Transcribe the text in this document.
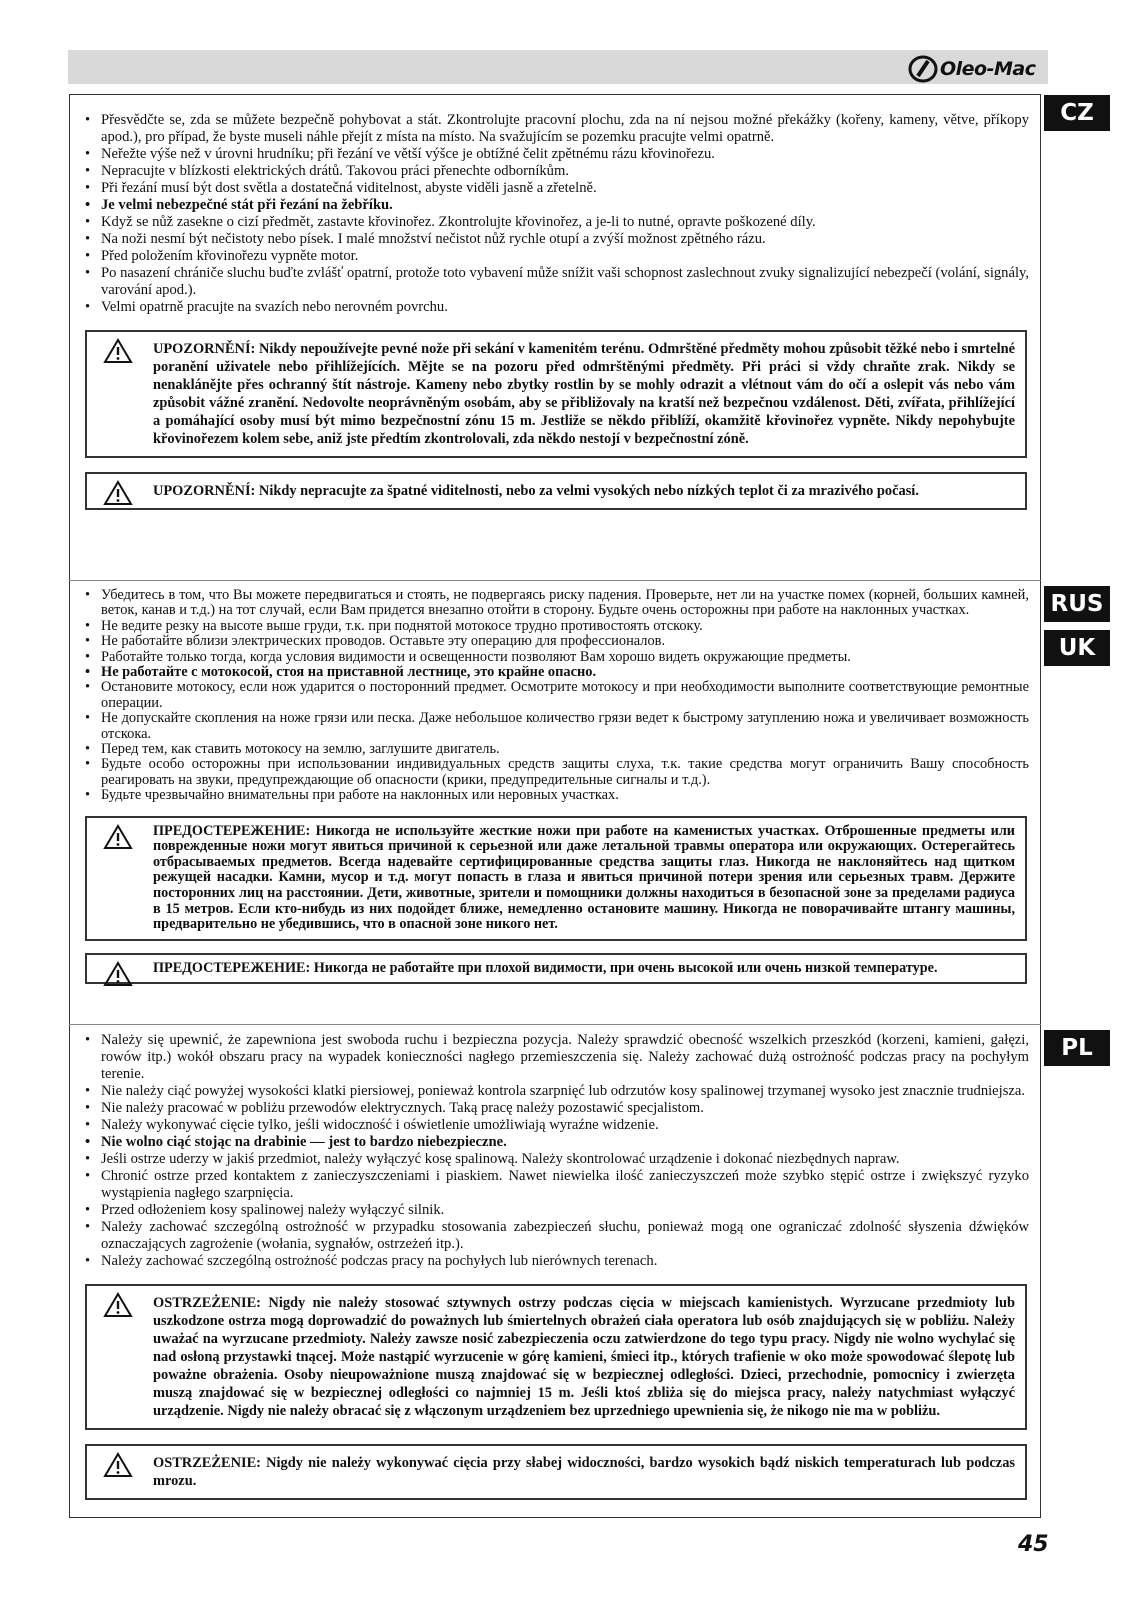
Oleo-Mac
CZ
RUS
UK
PL
• Přesvědčte se, zda se můžete bezpečně pohybovat a stát. Zkontrolujte pracovní plochu, zda na ní nejsou možné překážky (kořeny, kameny, větve, příkopy apod.), pro případ, že byste museli náhle přejít z místa na místo. Na svažujícím se pozemku pracujte velmi opatrně.
• Neřežte výše než v úrovni hrudníku; při řezání ve větší výšce je obtížné čelit zpětnému rázu křovinořezu.
• Nepracujte v blízkosti elektrických drátů. Takovou práci přenechte odborníkům.
• Při řezání musí být dost světla a dostatečná viditelnost, abyste viděli jasně a zřetelně.
• Je velmi nebezpečné stát při řezání na žebříku.
• Když se nůž zasekne o cizí předmět, zastavte křovinořez. Zkontrolujte křovinořez, a je-li to nutné, opravte poškozené díly.
• Na noži nesmí být nečistoty nebo písek. I malé množství nečistot nůž rychle otupí a zvýší možnost zpětného rázu.
• Před položením křovinořezu vypněte motor.
• Po nasazení chrániče sluchu buďte zvlášť opatrní, protože toto vybavení může snížit vaši schopnost zaslechnout zvuky signalizující nebezpečí (volání, signály, varování apod.).
• Velmi opatrně pracujte na svazích nebo nerovném povrchu.
UPOZORNĚNÍ: Nikdy nepoužívejte pevné nože při sekání v kamenitém terénu. Odmrštěné předměty mohou způsobit těžké nebo i smrtelné poranění uživatele nebo přihlížejících. Mějte se na pozoru před odmrštěnými předměty. Při práci si vždy chraňte zrak. Nikdy se nenaklánějte přes ochranný štít nástroje. Kameny nebo zbytky rostlin by se mohly odrazit a vlétnout vám do očí a oslepit vás nebo vám způsobit vážné zranění. Nedovolte neoprávněným osobám, aby se přibližovaly na kratší než bezpečnou vzdálenost. Děti, zvířata, přihlížející a pomáhající osoby musí být mimo bezpečnostní zónu 15 m. Jestliže se někdo přiblíží, okamžitě křovinořez vypněte. Nikdy nepohybujte křovinořezem kolem sebe, aniž jste předtím zkontrolovali, zda někdo nestojí v bezpečnostní zóně.
UPOZORNĚNÍ: Nikdy nepracujte za špatné viditelnosti, nebo za velmi vysokých nebo nízkých teplot či za mrazivého počasí.
• Убедитесь в том, что Вы можете передвигаться и стоять, не подвергаясь риску падения. Проверьте, нет ли на участке помех (корней, больших камней, веток, канав и т.д.) на тот случай, если Вам придется внезапно отойти в сторону. Будьте очень осторожны при работе на наклонных участках.
• Не ведите резку на высоте выше груди, т.к. при поднятой мотокосе трудно противостоять отскоку.
• Не работайте вблизи электрических проводов. Оставьте эту операцию для профессионалов.
• Работайте только тогда, когда условия видимости и освещенности позволяют Вам хорошо видеть окружающие предметы.
• Не работайте с мотокосой, стоя на приставной лестнице, это крайне опасно.
• Остановите мотокосу, если нож ударится о посторонний предмет. Осмотрите мотокосу и при необходимости выполните соответствующие ремонтные операции.
• Не допускайте скопления на ноже грязи или песка. Даже небольшое количество грязи ведет к быстрому затуплению ножа и увеличивает возможность отскока.
• Перед тем, как ставить мотокосу на землю, заглушите двигатель.
• Будьте особо осторожны при использовании индивидуальных средств защиты слуха, т.к. такие средства могут ограничить Вашу способность реагировать на звуки, предупреждающие об опасности (крики, предупредительные сигналы и т.д.).
• Будьте чрезвычайно внимательны при работе на наклонных или неровных участках.
ПРЕДОСТЕРЕЖЕНИЕ: Никогда не используйте жесткие ножи при работе на каменистых участках. Отброшенные предметы или поврежденные ножи могут явиться причиной к серьезной или даже летальной травмы оператора или окружающих. Остерегайтесь отбрасываемых предметов. Всегда надевайте сертифицированные средства защиты глаз. Никогда не наклоняйтесь над щитком режущей насадки. Камни, мусор и т.д. могут попасть в глаза и явиться причиной потери зрения или серьезных травм. Держите посторонних лиц на расстоянии. Дети, животные, зрители и помощники должны находиться в безопасной зоне за пределами радиуса в 15 метров. Если кто-нибудь из них подойдет ближе, немедленно остановите машину. Никогда не поворачивайте штангу машины, предварительно не убедившись, что в опасной зоне никого нет.
ПРЕДОСТЕРЕЖЕНИЕ: Никогда не работайте при плохой видимости, при очень высокой или очень низкой температуре.
• Należy się upewnić, że zapewniona jest swoboda ruchu i bezpieczna pozycja. Należy sprawdzić obecność wszelkich przeszkód (korzeni, kamieni, gałęzi, rowów itp.) wokół obszaru pracy na wypadek konieczności nagłego przemieszczenia się. Należy zachować dużą ostrożność podczas pracy na pochyłym terenie.
• Nie należy ciąć powyżej wysokości klatki piersiowej, ponieważ kontrola szarpnięć lub odrzutów kosy spalinowej trzymanej wysoko jest znacznie trudniejsza.
• Nie należy pracować w pobliżu przewodów elektrycznych. Taką pracę należy pozostawić specjalistom.
• Należy wykonywać cięcie tylko, jeśli widoczność i oświetlenie umożliwiają wyraźne widzenie.
• Nie wolno ciąć stojąc na drabinie — jest to bardzo niebezpieczne.
• Jeśli ostrze uderzy w jakiś przedmiot, należy wyłączyć kosę spalinową. Należy skontrolować urządzenie i dokonać niezbędnych napraw.
• Chronić ostrze przed kontaktem z zanieczyszczeniami i piaskiem. Nawet niewielka ilość zanieczyszczeń może szybko stępić ostrze i zwiększyć ryzyko wystąpienia nagłego szarpnięcia.
• Przed odłożeniem kosy spalinowej należy wyłączyć silnik.
• Należy zachować szczególną ostrożność w przypadku stosowania zabezpieczeń słuchu, ponieważ mogą one ograniczać zdolność słyszenia dźwięków oznaczających zagrożenie (wołania, sygnałów, ostrzeżeń itp.).
• Należy zachować szczególną ostrożność podczas pracy na pochyłych lub nierównych terenach.
OSTRZEŻENIE: Nigdy nie należy stosować sztywnych ostrzy podczas cięcia w miejscach kamienistych. Wyrzucane przedmioty lub uszkodzone ostrza mogą doprowadzić do poważnych lub śmiertelnych obrażeń ciała operatora lub osób znajdujących się w pobliżu. Należy uważać na wyrzucane przedmioty. Należy zawsze nosić zabezpieczenia oczu zatwierdzone do tego typu pracy. Nigdy nie wolno wychylać się nad osłoną przystawki tnącej. Może nastąpić wyrzucenie w górę kamieni, śmieci itp., których trafienie w oko może spowodować ślepotę lub poważne obrażenia. Osoby nieupoważnione muszą znajdować się w bezpiecznej odległości. Dzieci, przechodnie, pomocnicy i zwierzęta muszą znajdować się w bezpiecznej odległości co najmniej 15 m. Jeśli ktoś zbliża się do miejsca pracy, należy natychmiast wyłączyć urządzenie. Nigdy nie należy obracać się z włączonym urządzeniem bez uprzedniego upewnienia się, że nikogo nie ma w pobliżu.
OSTRZEŻENIE: Nigdy nie należy wykonywać cięcia przy słabej widoczności, bardzo wysokich bądź niskich temperaturach lub podczas mrozu.
45
